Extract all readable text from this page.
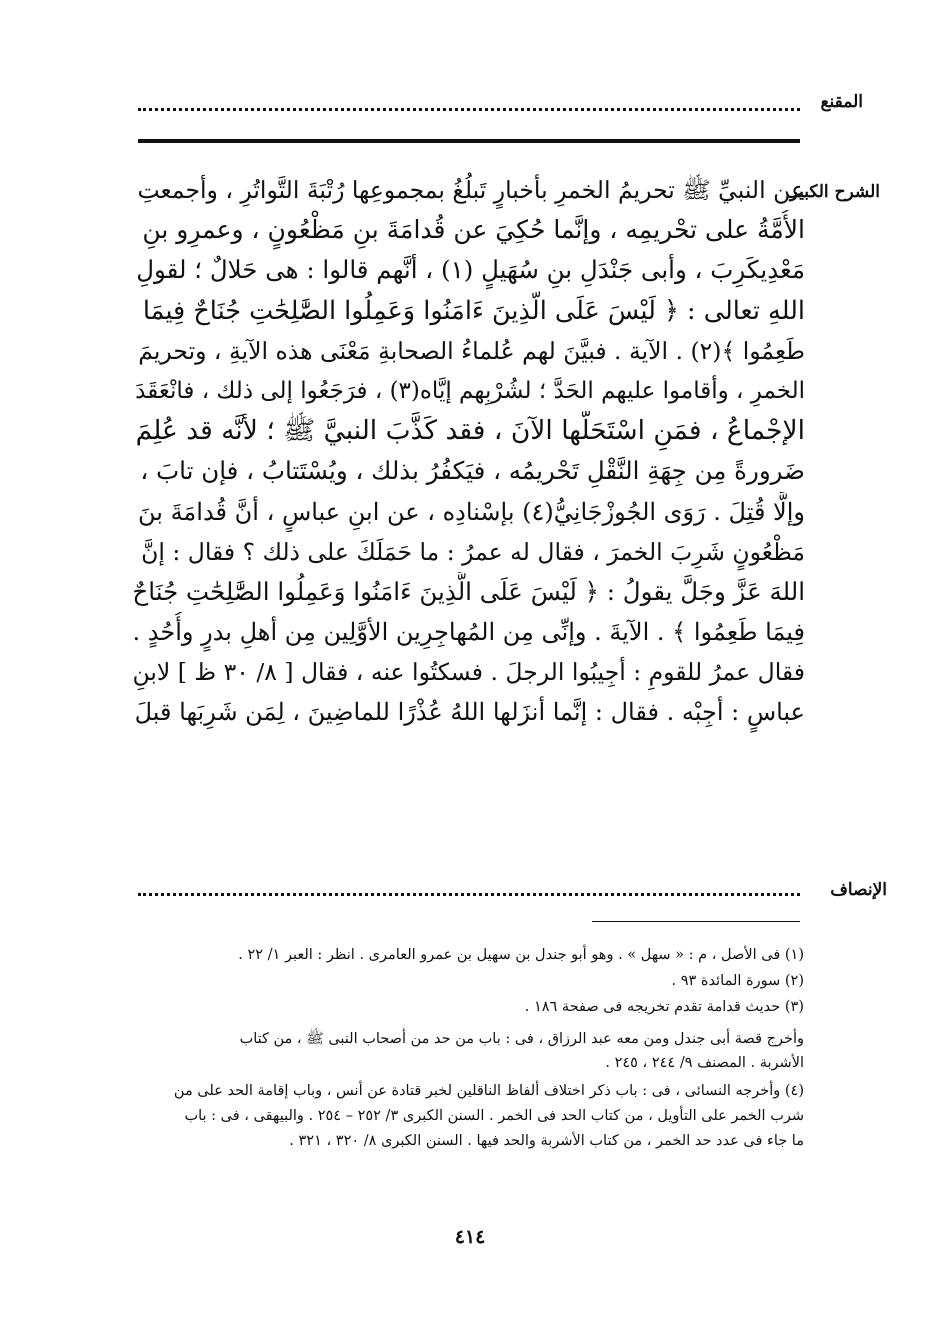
المقنع
الشرح الكبير
عن النبيِّ ﷺ تحريمُ الخمرِ بأخبارٍ تَبلُغُ بمجموعِها رُتْبَةَ التَّواتُرِ ، وأجمعتِ
الأُمَّةُ على تحْريمِه ، وإنَّما حُكِيَ عن قُدامَةَ بنِ مَظْعُونٍ ، وعمرِو بنِ
مَعْدِيكَرِبَ ، وأبى جَنْدَلِ بنِ سُهَيلٍ (١) ، أنَّهم قالوا : هى حَلالٌ ؛ لقولِ
اللهِ تعالى : ﴿ لَيْسَ عَلَى الَّذِينَ ءَامَنُوا وَعَمِلُوا الصَّٰلِحَٰتِ جُنَاحٌ فِيمَا
طَعِمُوا ﴾(٢) . الآية . فبيَّنَ لهم عُلماءُ الصحابةِ مَعْنَى هذه الآيةِ ، وتحريمَ
الخمرِ ، وأقاموا عليهم الحَدَّ ؛ لشُرْبِهم إيَّاه(٣) ، فرَجَعُوا إلى ذلك ، فانْعَقَدَ
الإجْماعُ ، فمَنِ اسْتَحَلَّها الآنَ ، فقد كَذَّبَ النبيَّ ﷺ ؛ لأنَّه قد عُلِمَ
ضَرورةً مِن جِهَةِ النَّقْلِ تَحْريمُه ، فيَكفُرُ بذلك ، ويُسْتَتابُ ، فإن تابَ ،
وإلَّا قُتِلَ . رَوَى الجُوزْجَانِيُّ(٤) بإسْنادِه ، عن ابنِ عباسٍ ، أنَّ قُدامَةَ بنَ
مَظْعُونٍ شَرِبَ الخمرَ ، فقال له عمرُ : ما حَمَلَكَ على ذلك ؟ فقال : إنَّ
اللهَ عَزَّ وجَلَّ يقولُ : ﴿ لَيْسَ عَلَى الَّذِينَ ءَامَنُوا وَعَمِلُوا الصَّٰلِحَٰتِ جُنَاحٌ
فِيمَا طَعِمُوا ﴾ . الآيةَ . وإنِّى مِن المُهاجِرِين الأوَّلِين مِن أهلِ بدرٍ وأُحُدٍ .
فقال عمرُ للقومِ : أجِيبُوا الرجلَ . فسكتُوا عنه ، فقال [ ٨/ ٣٠ ظ ] لابنِ
عباسٍ : أجِبْه . فقال : إنَّما أنزَلها اللهُ عُذْرًا للماضِينَ ، لِمَن شَرِبَها قبلَ
الإنصاف
(١) فى الأصل ، م : « سهل » . وهو أبو جندل بن سهيل بن عمرو العامرى . انظر : العبر ١/ ٢٢ .
(٢) سورة المائدة ٩٣ .
(٣) حديث قدامة تقدم تخريجه فى صفحة ١٨٦ .
وأخرج قصة أبى جندل ومن معه عبد الرزاق ، فى : باب من حد من أصحاب النبى ﷺ ، من كتاب
الأشربة . المصنف ٩/ ٢٤٤ ، ٢٤٥ .
(٤) وأخرجه النسائى ، فى : باب ذكر اختلاف ألفاظ الناقلين لخبر قتادة عن أنس ، وباب إقامة الحد على من
شرب الخمر على التأويل ، من كتاب الحد فى الخمر . السنن الكبرى ٣/ ٢٥٢ – ٢٥٤ . والبيهقى ، فى : باب
ما جاء فى عدد حد الخمر ، من كتاب الأشربة والحد فيها . السنن الكبرى ٨/ ٣٢٠ ، ٣٢١ .
٤١٤
